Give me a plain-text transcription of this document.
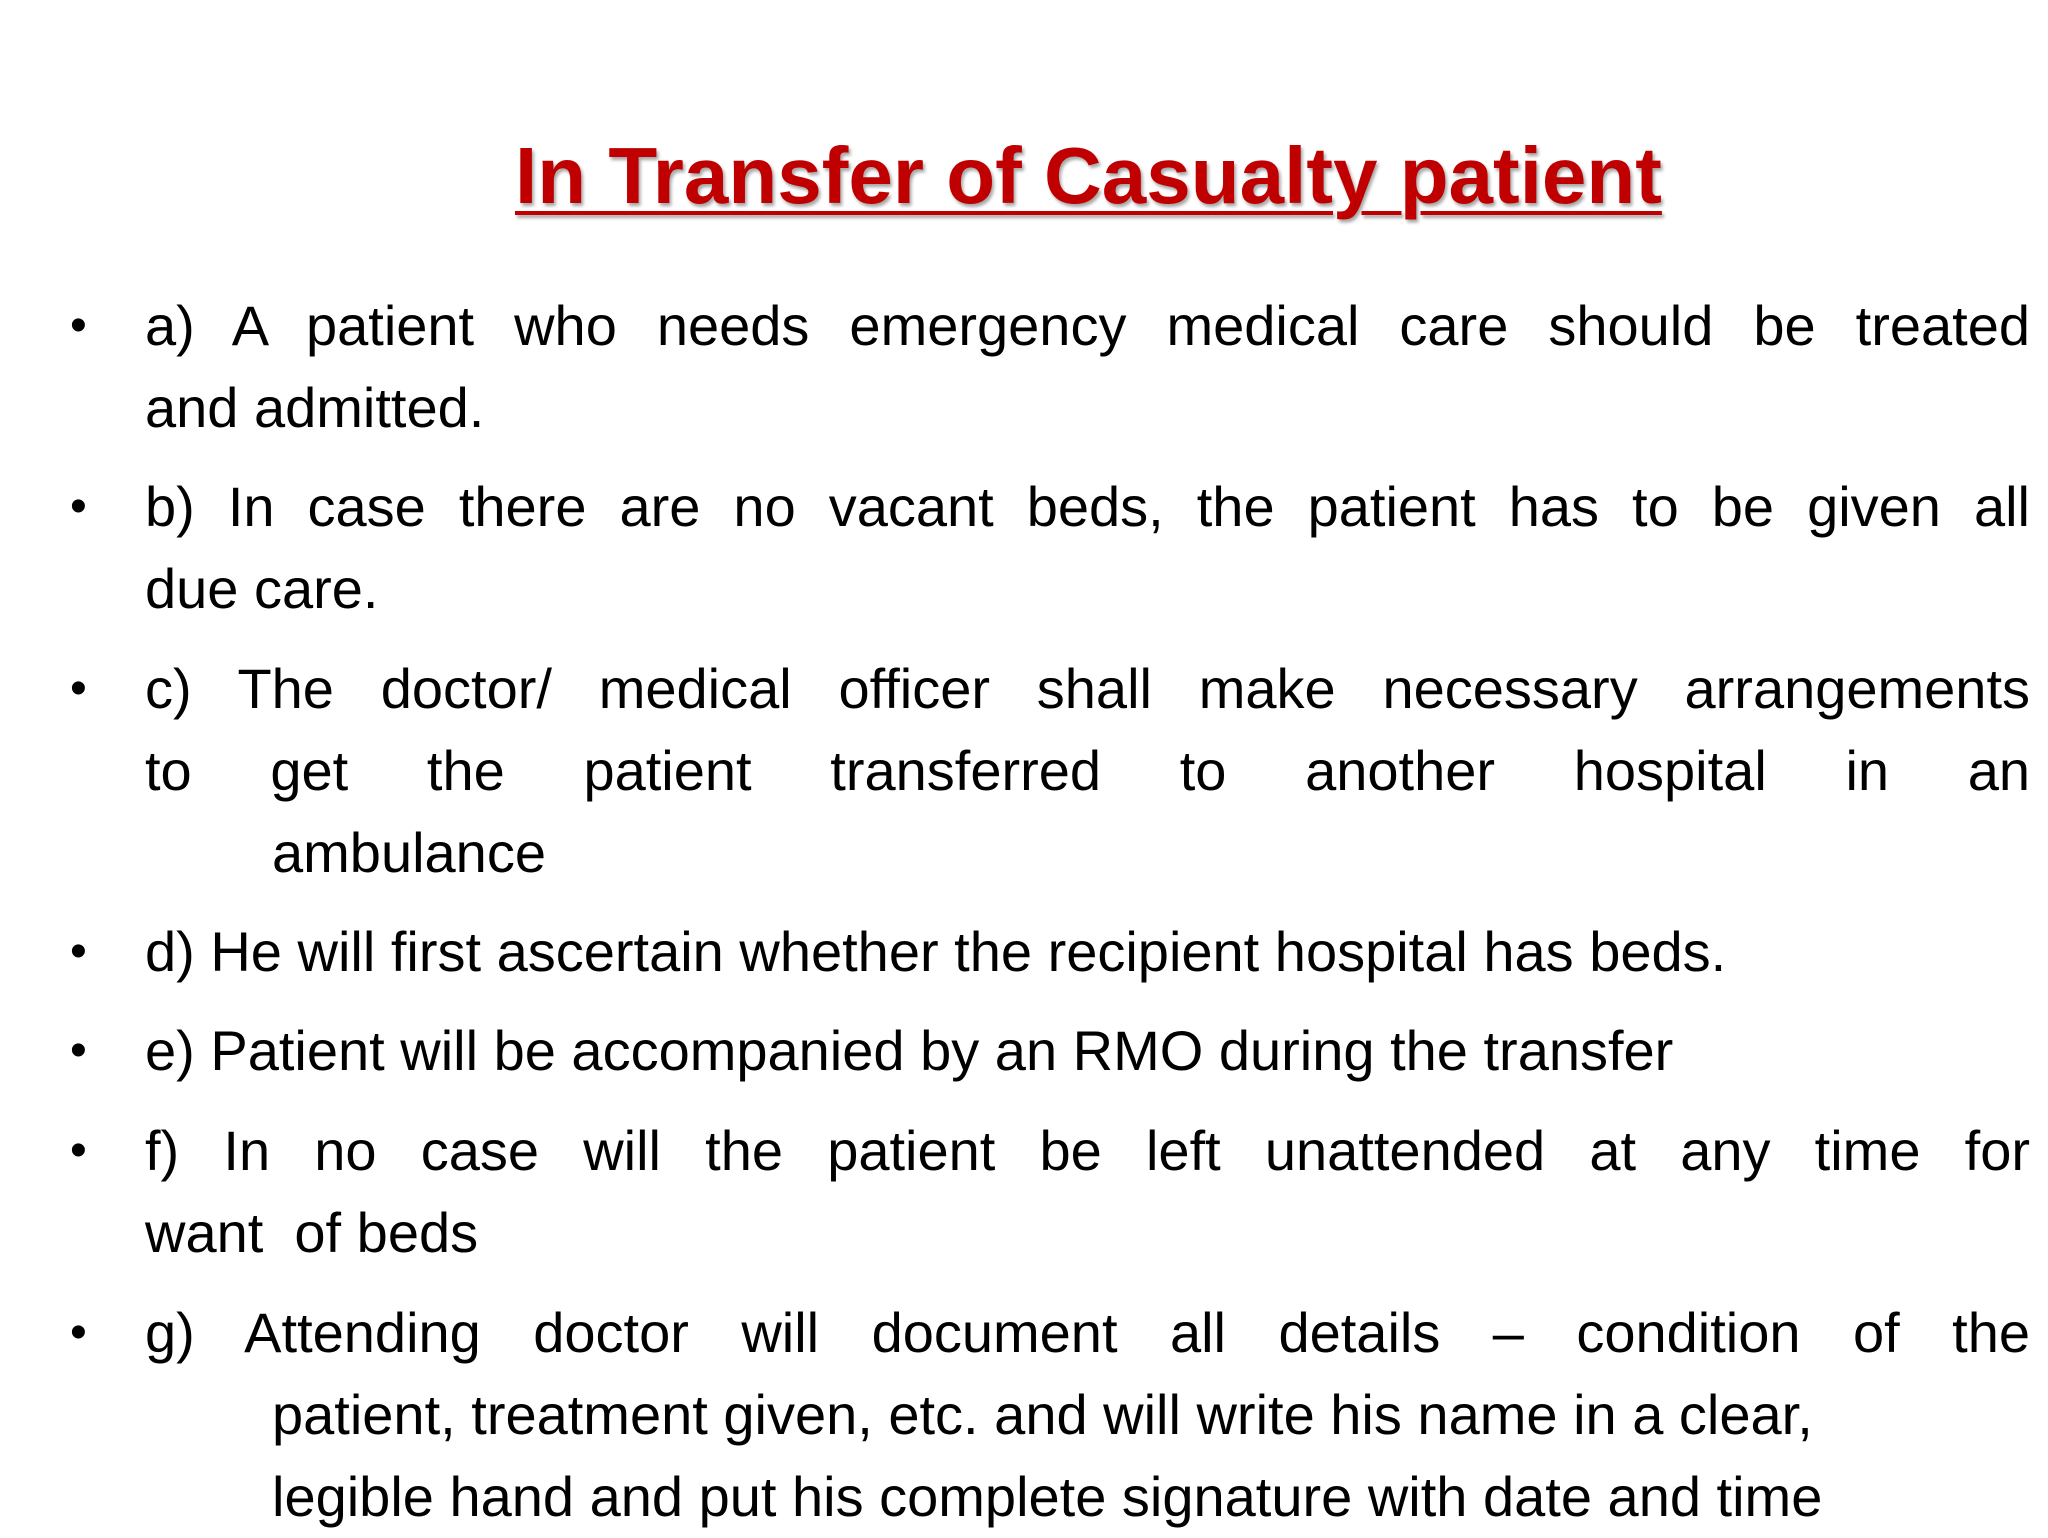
In Transfer of Casualty patient
• a) A patient who needs emergency medical care should be treated
and admitted.
• b) In case there are no vacant beds, the patient has to be given all
due care.
• c) The doctor/ medical officer shall make necessary arrangements
to  get  the  patient  transferred  to  another  hospital  in  an
ambulance
• d) He will first ascertain whether the recipient hospital has beds.
• e) Patient will be accompanied by an RMO during the transfer
• f) In no case will the patient be left unattended at any time for
want  of beds
• g) Attending doctor will document all details – condition of the
patient, treatment given, etc. and will write his name in a clear,
legible hand and put his complete signature with date and time
